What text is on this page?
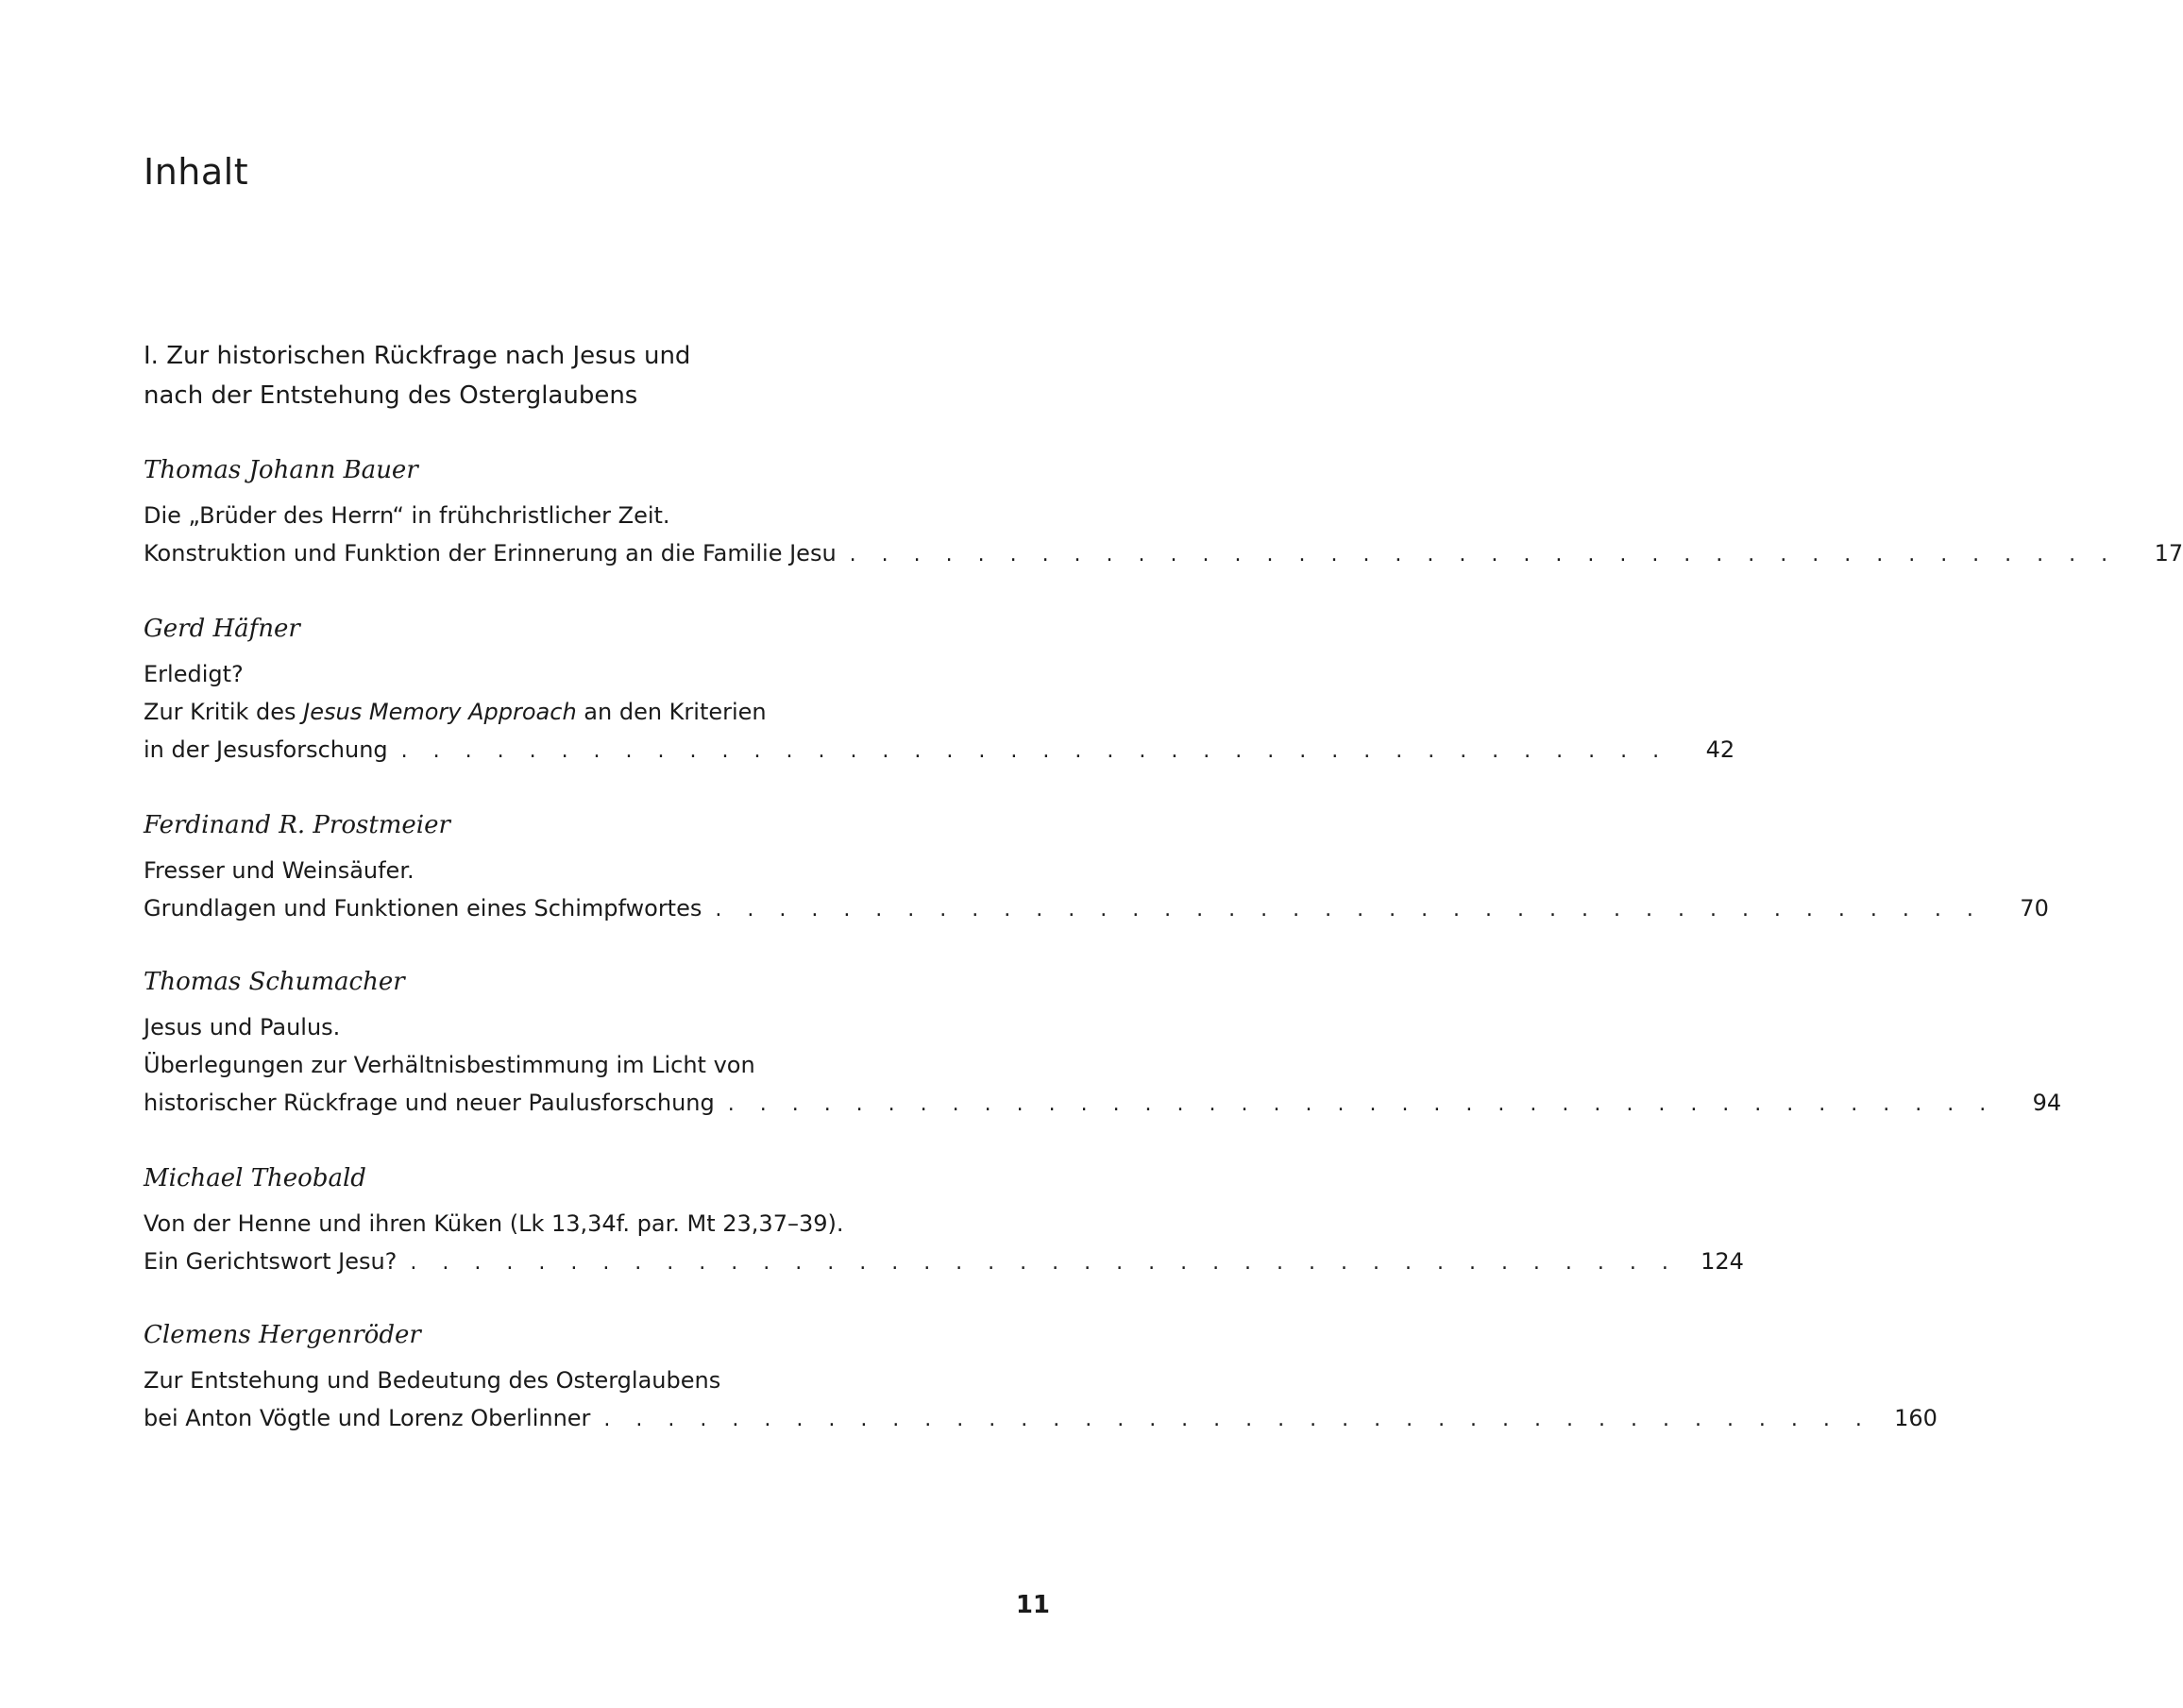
Inhalt
I. Zur historischen Rückfrage nach Jesus und
nach der Entstehung des Osterglaubens
Thomas Johann Bauer
Die „Brüder des Herrn“ in frühchristlicher Zeit.
Konstruktion und Funktion der Erinnerung an die Familie Jesu . . . . . . . . . . . . . . . . . . . . . . . . . . . . . . . . . . . . . . . .	17
Gerd Häfner
Erledigt?
Zur Kritik des Jesus Memory Approach an den Kriterien
in der Jesusforschung . . . . . . . . . . . . . . . . . . . . . . . . . . . . . . . . . . . . . . . .	42
Ferdinand R. Prostmeier
Fresser und Weinsäufer.
Grundlagen und Funktionen eines Schimpfwortes . . . . . . . . . . . . . . . . . . . . . . . . . . . . . . . . . . . . . . . .	70
Thomas Schumacher
Jesus und Paulus.
Überlegungen zur Verhältnisbestimmung im Licht von
historischer Rückfrage und neuer Paulusforschung . . . . . . . . . . . . . . . . . . . . . . . . . . . . . . . . . . . . . . . .	94
Michael Theobald
Von der Henne und ihren Küken (Lk 13,34f. par. Mt 23,37–39).
Ein Gerichtswort Jesu? . . . . . . . . . . . . . . . . . . . . . . . . . . . . . . . . . . . . . . . .	124
Clemens Hergenröder
Zur Entstehung und Bedeutung des Osterglaubens
bei Anton Vögtle und Lorenz Oberlinner . . . . . . . . . . . . . . . . . . . . . . . . . . . . . . . . . . . . . . . .	160
11
